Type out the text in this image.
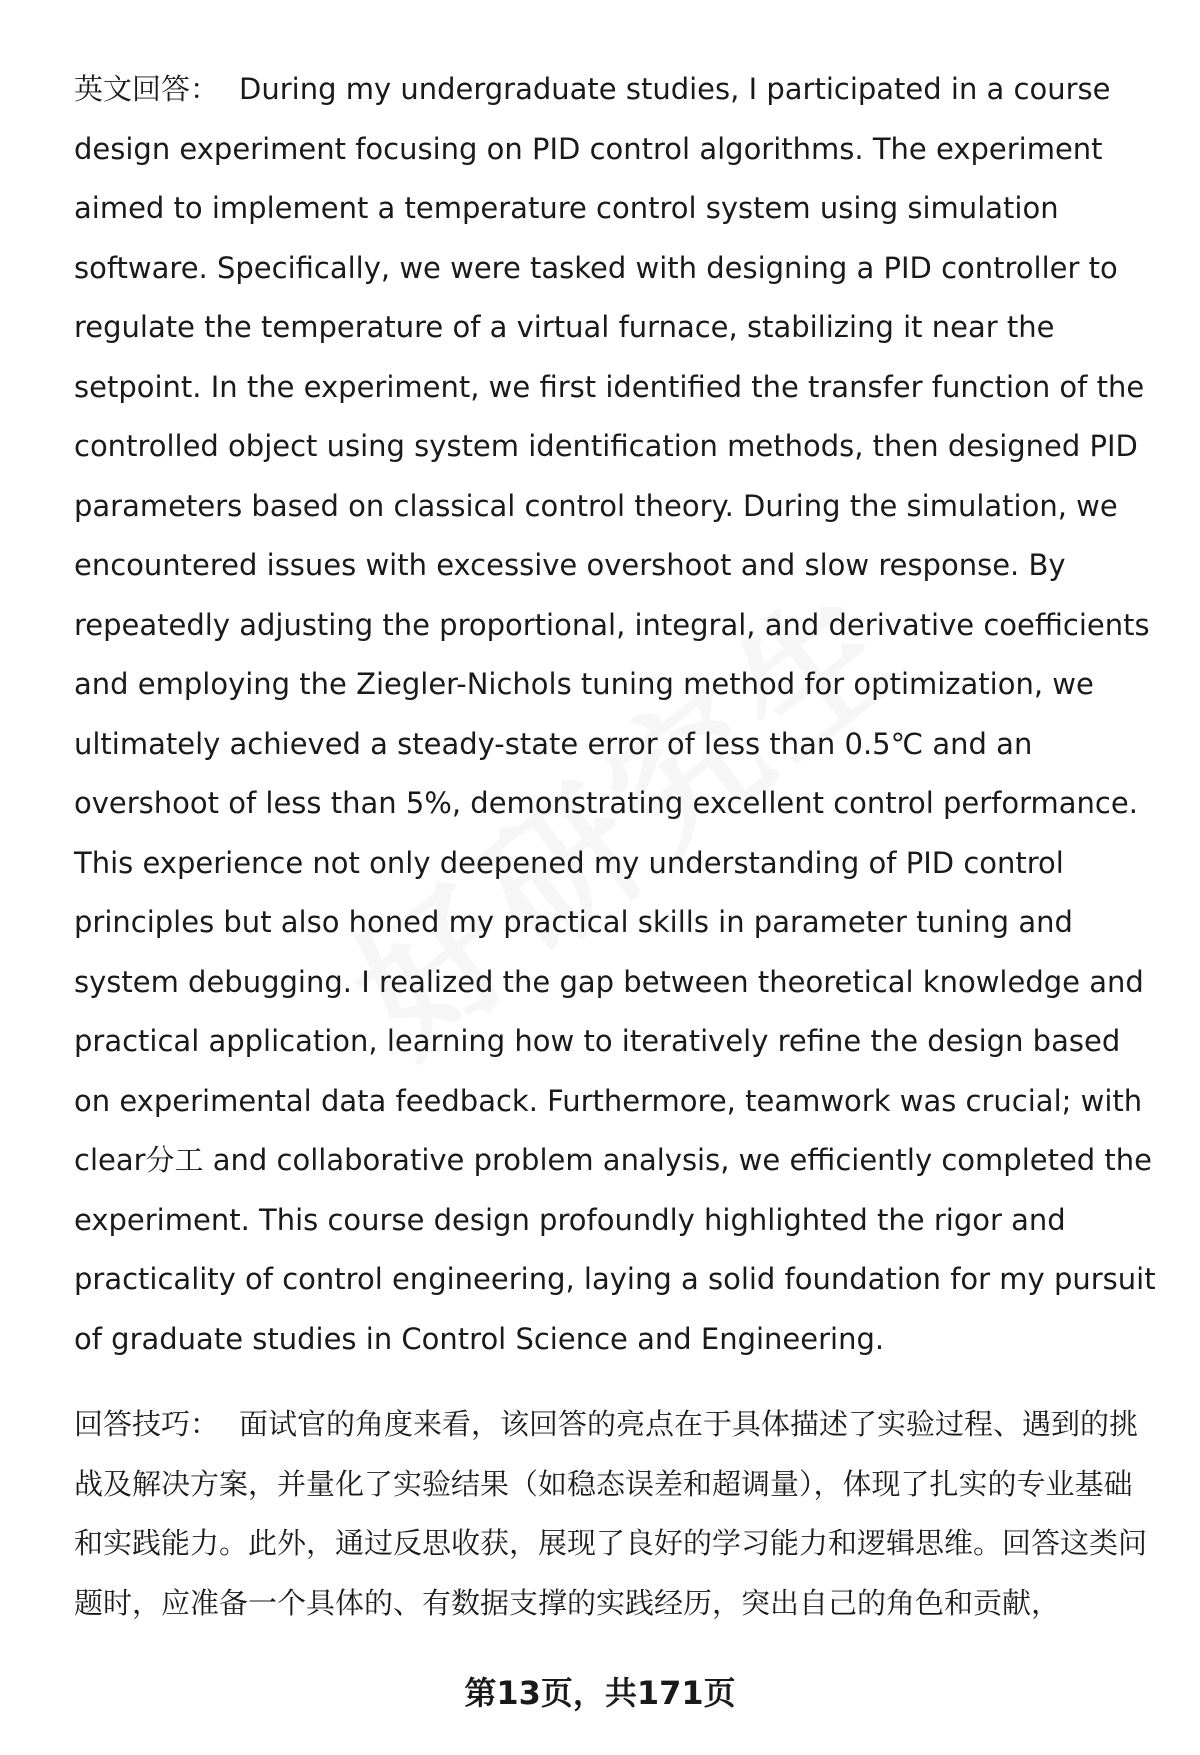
英文回答： During my undergraduate studies, I participated in a course design experiment focusing on PID control algorithms. The experiment aimed to implement a temperature control system using simulation software. Specifically, we were tasked with designing a PID controller to regulate the temperature of a virtual furnace, stabilizing it near the setpoint. In the experiment, we first identified the transfer function of the controlled object using system identification methods, then designed PID parameters based on classical control theory. During the simulation, we encountered issues with excessive overshoot and slow response. By repeatedly adjusting the proportional, integral, and derivative coefficients and employing the Ziegler-Nichols tuning method for optimization, we ultimately achieved a steady-state error of less than 0.5℃ and an overshoot of less than 5%, demonstrating excellent control performance. This experience not only deepened my understanding of PID control principles but also honed my practical skills in parameter tuning and system debugging. I realized the gap between theoretical knowledge and practical application, learning how to iteratively refine the design based on experimental data feedback. Furthermore, teamwork was crucial; with clear分工 and collaborative problem analysis, we efficiently completed the experiment. This course design profoundly highlighted the rigor and practicality of control engineering, laying a solid foundation for my pursuit of graduate studies in Control Science and Engineering.
回答技巧： 面试官的角度来看，该回答的亮点在于具体描述了实验过程、遇到的挑战及解决方案，并量化了实验结果（如稳态误差和超调量），体现了扎实的专业基础和实践能力。此外，通过反思收获，展现了良好的学习能力和逻辑思维。回答这类问题时，应准备一个具体的、有数据支撑的实践经历，突出自己的角色和贡献，
第13页，共171页
